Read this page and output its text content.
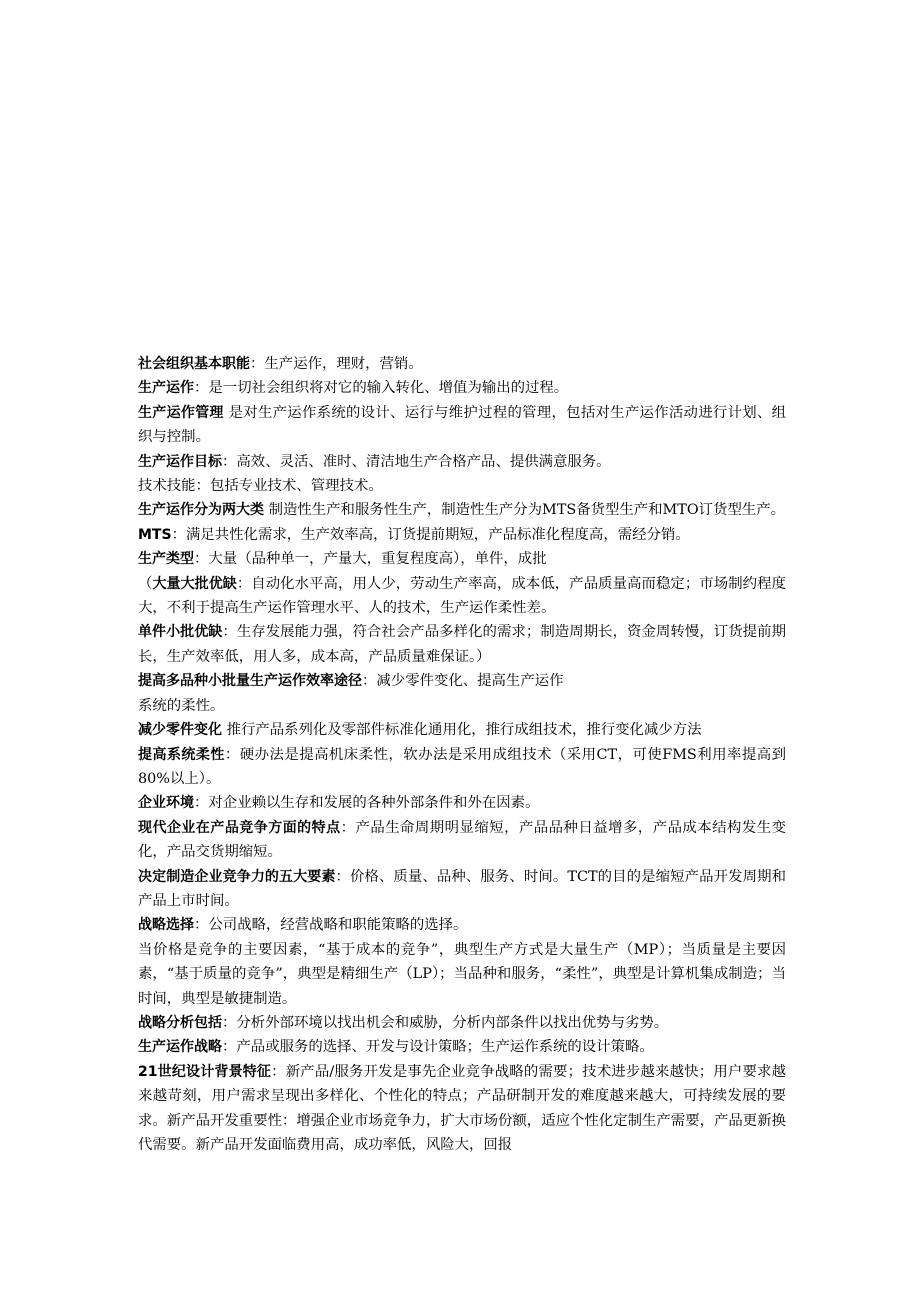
社会组织基本职能：生产运作，理财，营销。

生产运作：是一切社会组织将对它的输入转化、增值为输出的过程。

生产运作管理 是对生产运作系统的设计、运行与维护过程的管理，包括对生产运作活动进行计划、组织与控制。

生产运作目标：高效、灵活、准时、清洁地生产合格产品、提供满意服务。

技术技能：包括专业技术、管理技术。

生产运作分为两大类 制造性生产和服务性生产，制造性生产分为MTS备货型生产和MTO订货型生产。

MTS：满足共性化需求，生产效率高，订货提前期短，产品标准化程度高，需经分销。

生产类型：大量（品种单一，产量大，重复程度高），单件，成批

（大量大批优缺：自动化水平高，用人少，劳动生产率高，成本低，产品质量高而稳定；市场制约程度大，不利于提高生产运作管理水平、人的技术，生产运作柔性差。

单件小批优缺：生存发展能力强，符合社会产品多样化的需求；制造周期长，资金周转慢，订货提前期长，生产效率低，用人多，成本高，产品质量难保证。）

提高多品种小批量生产运作效率途径：减少零件变化、提高生产运作

系统的柔性。

减少零件变化 推行产品系列化及零部件标准化通用化，推行成组技术，推行变化减少方法

提高系统柔性：硬办法是提高机床柔性，软办法是采用成组技术（采用CT，可使FMS利用率提高到80%以上）。

企业环境：对企业赖以生存和发展的各种外部条件和外在因素。

现代企业在产品竞争方面的特点：产品生命周期明显缩短，产品品种日益增多，产品成本结构发生变化，产品交货期缩短。

决定制造企业竞争力的五大要素：价格、质量、品种、服务、时间。TCT的目的是缩短产品开发周期和产品上市时间。

战略选择：公司战略，经营战略和职能策略的选择。

当价格是竞争的主要因素，“基于成本的竞争”，典型生产方式是大量生产（MP）；当质量是主要因素，“基于质量的竞争”，典型是精细生产（LP）；当品种和服务，“柔性”，典型是计算机集成制造；当时间，典型是敏捷制造。

战略分析包括：分析外部环境以找出机会和威胁，分析内部条件以找出优势与劣势。

生产运作战略：产品或服务的选择、开发与设计策略；生产运作系统的设计策略。

21世纪设计背景特征：新产品/服务开发是事先企业竞争战略的需要；技术进步越来越快；用户要求越来越苛刻，用户需求呈现出多样化、个性化的特点；产品研制开发的难度越来越大，可持续发展的要求。新产品开发重要性：增强企业市场竞争力，扩大市场份额，适应个性化定制生产需要，产品更新换代需要。新产品开发面临费用高，成功率低，风险大，回报
